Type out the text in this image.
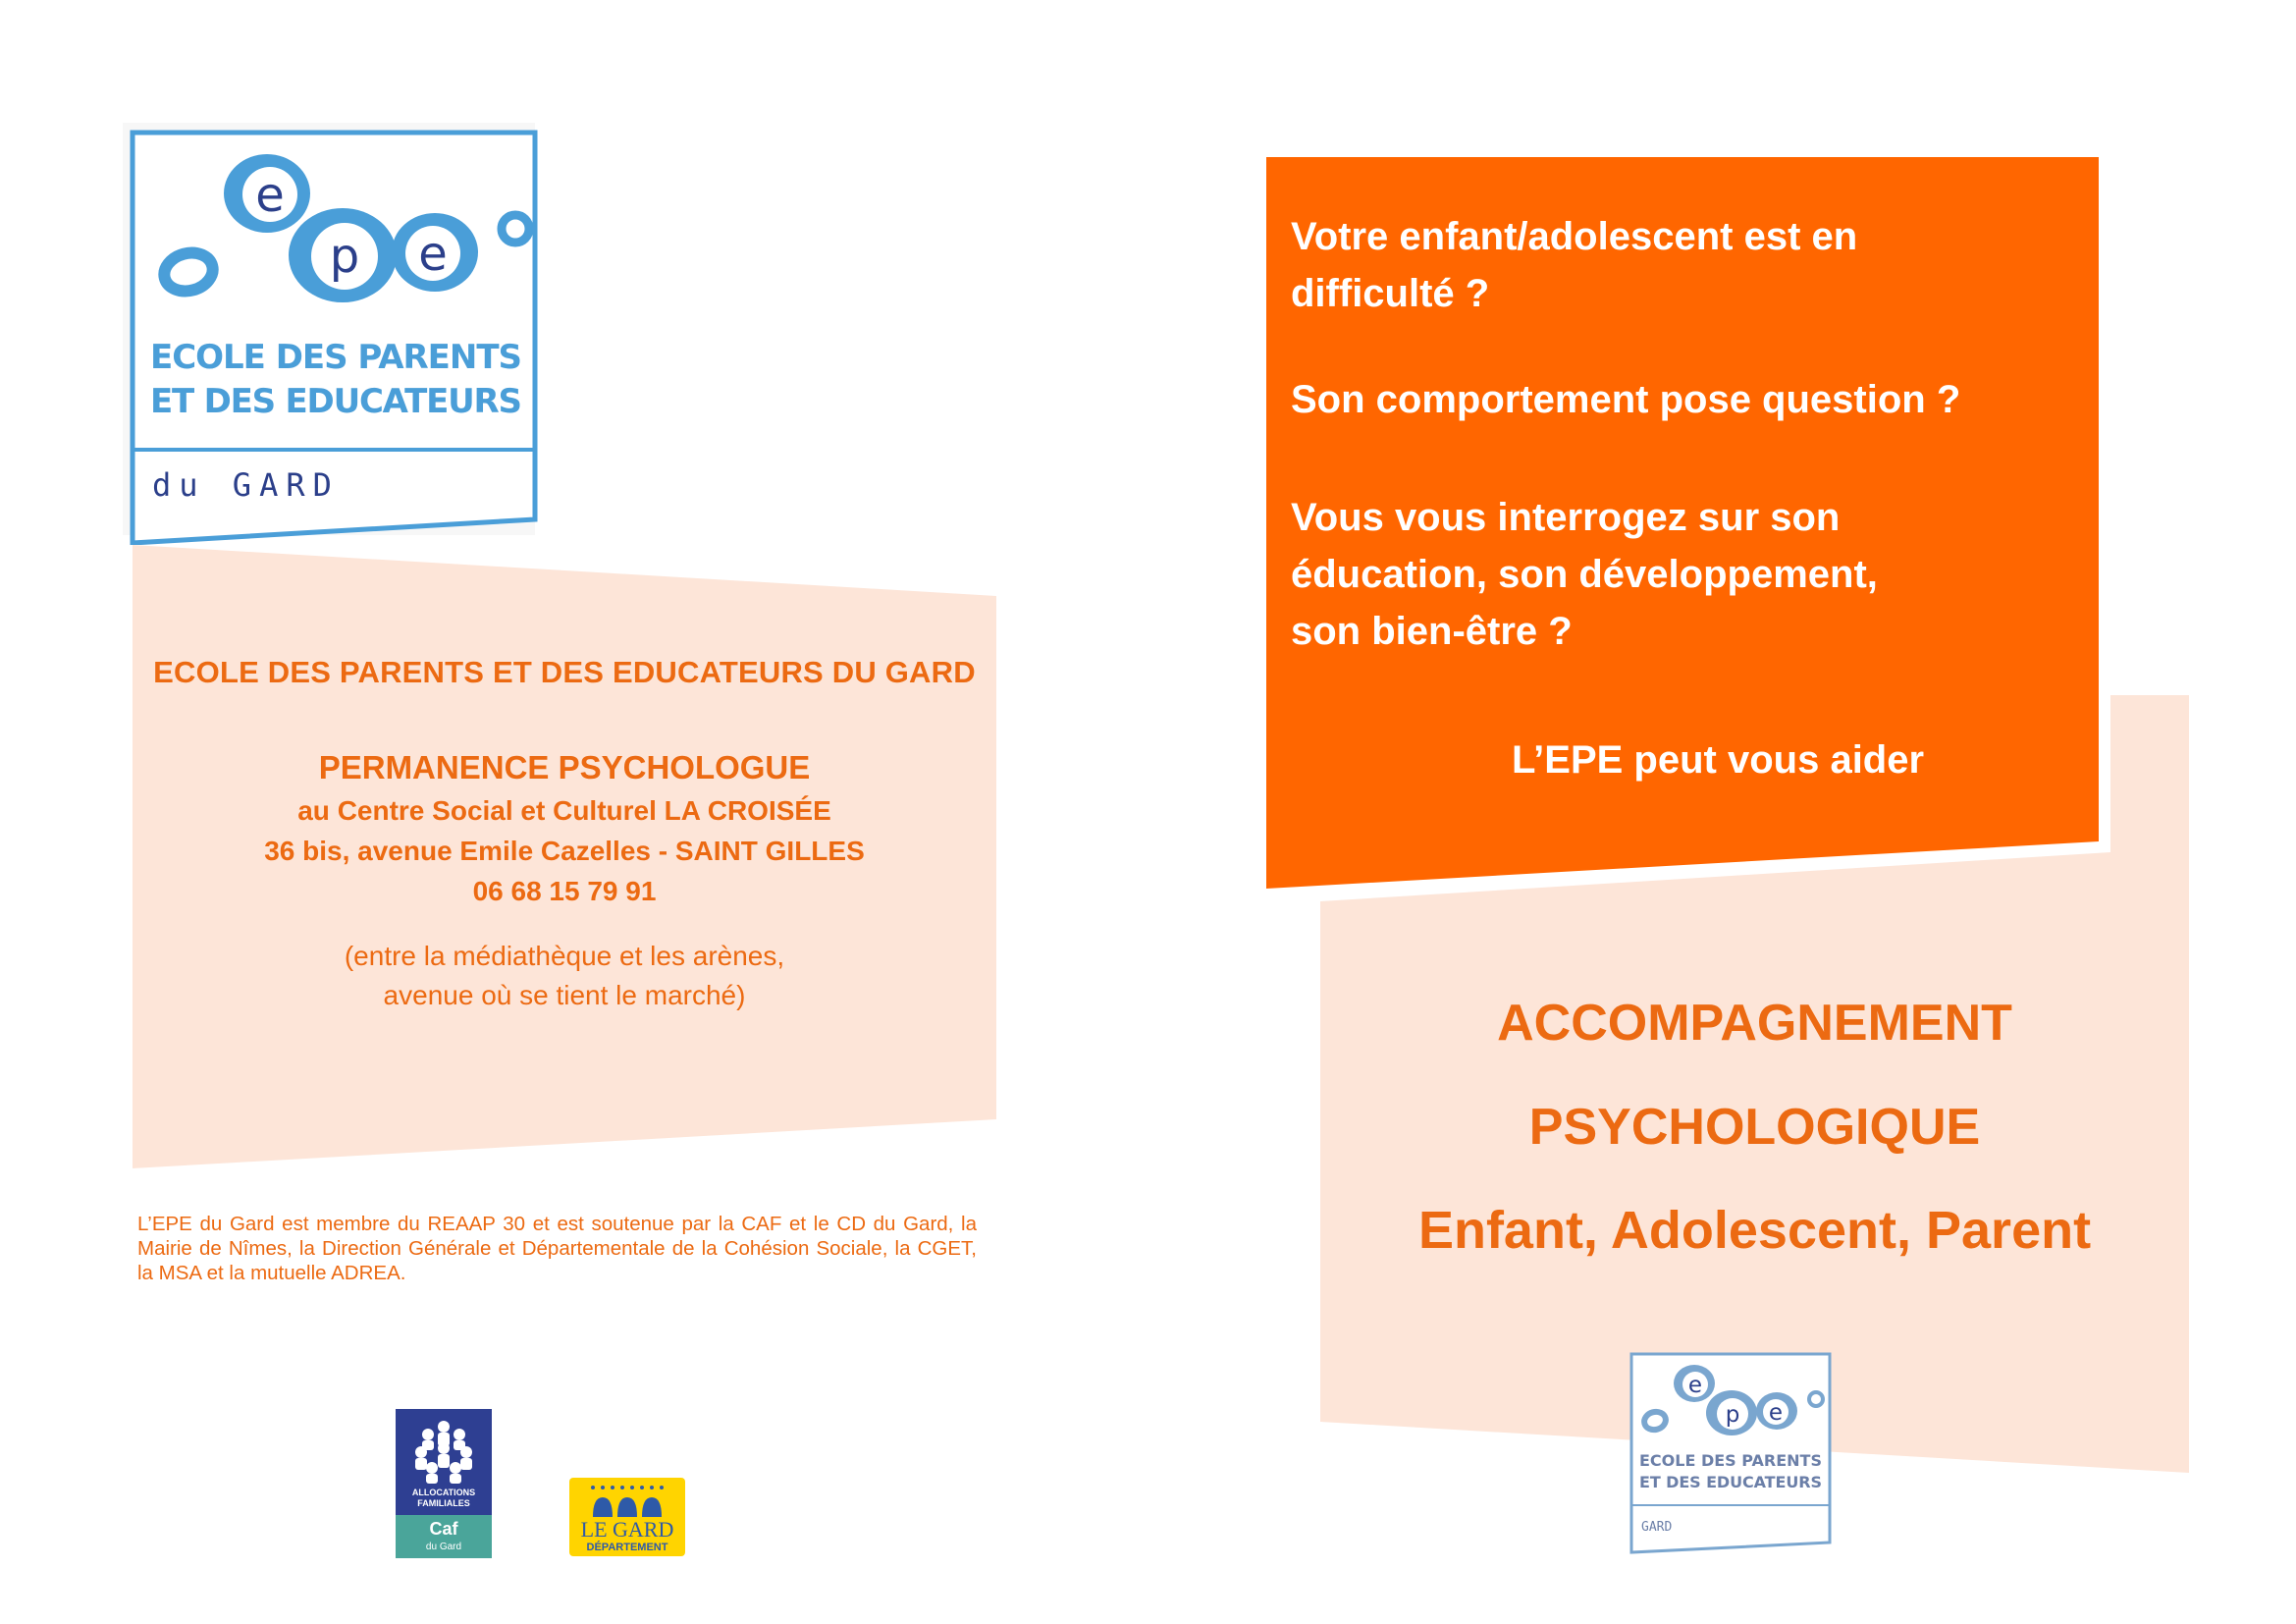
e
p e
ECOLE DES PARENTS
ET DES EDUCATEURS
du GARD
ECOLE DES PARENTS ET DES EDUCATEURS DU GARD
PERMANENCE PSYCHOLOGUE
au Centre Social et Culturel LA CROISÉE
36 bis, avenue Emile Cazelles - SAINT GILLES
06 68 15 79 91
(entre la médiathèque et les arènes,
avenue où se tient le marché)
L’EPE du Gard est membre du REAAP 30 et est soutenue par la CAF et le CD du Gard, la Mairie de Nîmes, la Direction Générale et Départementale de la Cohésion Sociale, la CGET, la MSA et la mutuelle ADREA.
ALLOCATIONS
FAMILIALES
Caf
du Gard
LE GARD
DÉPARTEMENT
Votre enfant/adolescent est en
difficulté ?
Son comportement pose question ?
Vous vous interrogez sur son
éducation, son développement,
son bien-être ?
L’EPE peut vous aider
ACCOMPAGNEMENT
PSYCHOLOGIQUE
Enfant, Adolescent, Parent
e
p e
ECOLE DES PARENTS
ET DES EDUCATEURS
GARD
